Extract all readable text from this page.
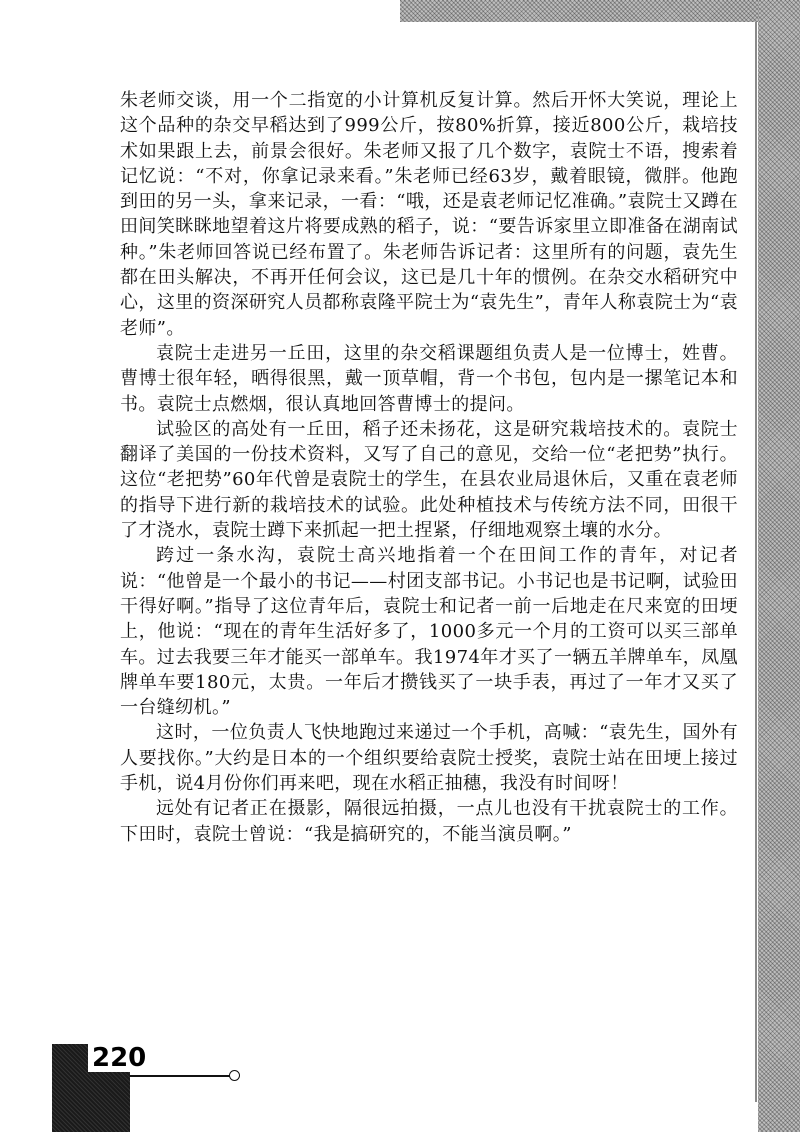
朱老师交谈，用一个二指宽的小计算机反复计算。然后开怀大笑说，理论上这个品种的杂交早稻达到了999公斤，按80%折算，接近800公斤，栽培技术如果跟上去，前景会很好。朱老师又报了几个数字，袁院士不语，搜索着记忆说：“不对，你拿记录来看。”朱老师已经63岁，戴着眼镜，微胖。他跑到田的另一头，拿来记录，一看：“哦，还是袁老师记忆准确。”袁院士又蹲在田间笑眯眯地望着这片将要成熟的稻子，说：“要告诉家里立即准备在湖南试种。”朱老师回答说已经布置了。朱老师告诉记者：这里所有的问题，袁先生都在田头解决，不再开任何会议，这已是几十年的惯例。在杂交水稻研究中心，这里的资深研究人员都称袁隆平院士为“袁先生”，青年人称袁院士为“袁老师”。

袁院士走进另一丘田，这里的杂交稻课题组负责人是一位博士，姓曹。曹博士很年轻，晒得很黑，戴一顶草帽，背一个书包，包内是一摞笔记本和书。袁院士点燃烟，很认真地回答曹博士的提问。

试验区的高处有一丘田，稻子还未扬花，这是研究栽培技术的。袁院士翻译了美国的一份技术资料，又写了自己的意见，交给一位“老把势”执行。这位“老把势”60年代曾是袁院士的学生，在县农业局退休后，又重在袁老师的指导下进行新的栽培技术的试验。此处种植技术与传统方法不同，田很干了才浇水，袁院士蹲下来抓起一把土捏紧，仔细地观察土壤的水分。

跨过一条水沟，袁院士高兴地指着一个在田间工作的青年，对记者说：“他曾是一个最小的书记——村团支部书记。小书记也是书记啊，试验田干得好啊。”指导了这位青年后，袁院士和记者一前一后地走在尺来宽的田埂上，他说：“现在的青年生活好多了，1000多元一个月的工资可以买三部单车。过去我要三年才能买一部单车。我1974年才买了一辆五羊牌单车，凤凰牌单车要180元，太贵。一年后才攒钱买了一块手表，再过了一年才又买了一台缝纫机。”

这时，一位负责人飞快地跑过来递过一个手机，高喊：“袁先生，国外有人要找你。”大约是日本的一个组织要给袁院士授奖，袁院士站在田埂上接过手机，说4月份你们再来吧，现在水稻正抽穗，我没有时间呀！

远处有记者正在摄影，隔很远拍摄，一点儿也没有干扰袁院士的工作。下田时，袁院士曾说：“我是搞研究的，不能当演员啊。”

220
